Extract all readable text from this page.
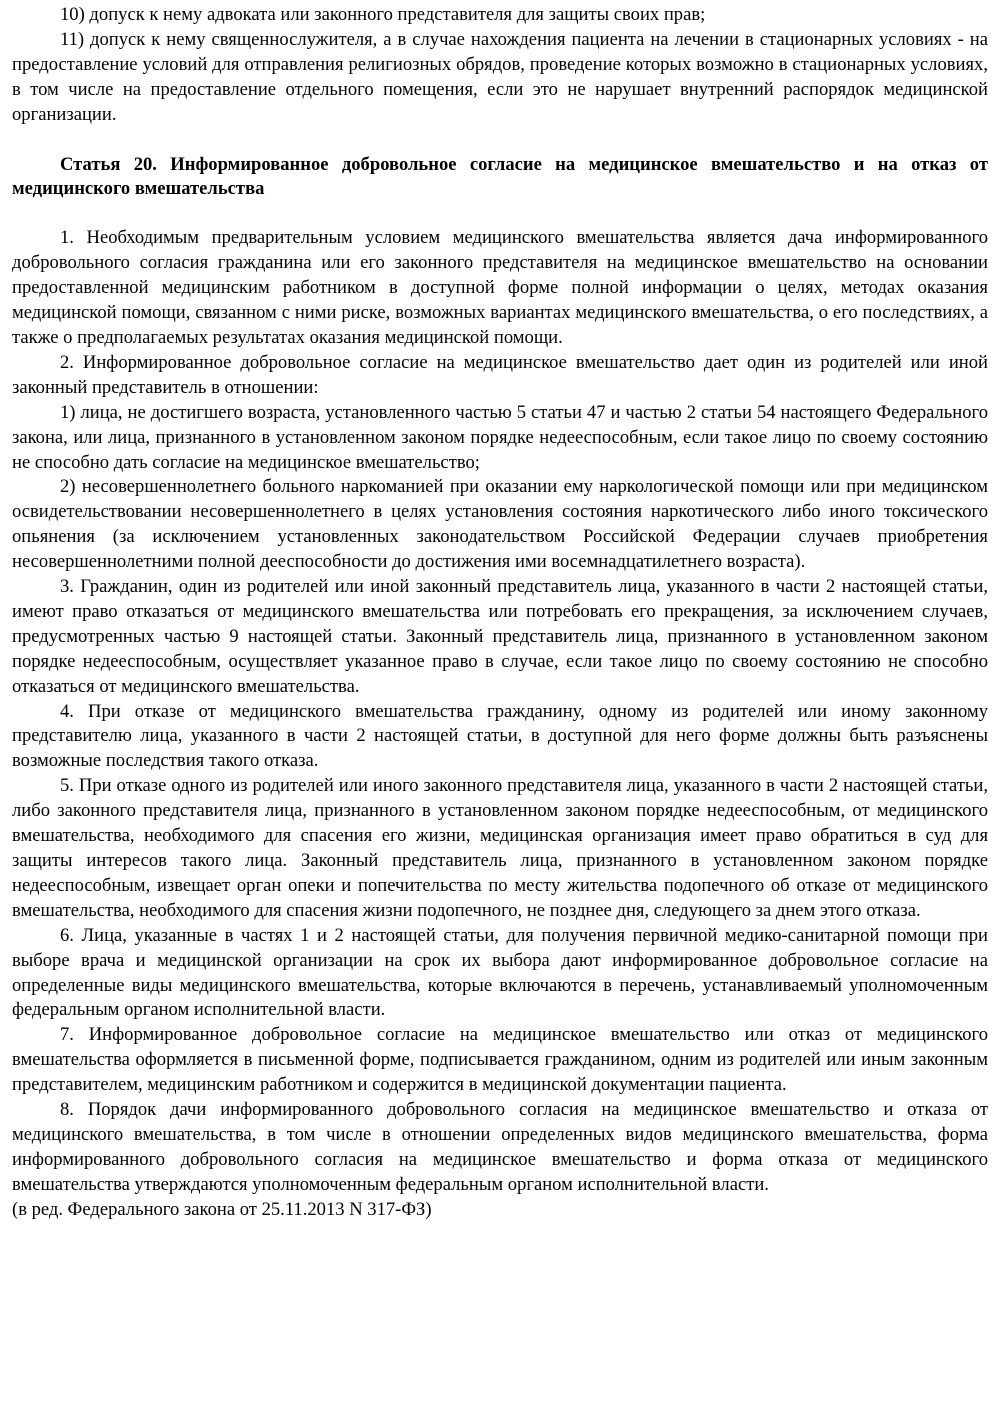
10) допуск к нему адвоката или законного представителя для защиты своих прав;

11) допуск к нему священнослужителя, а в случае нахождения пациента на лечении в стационарных условиях - на предоставление условий для отправления религиозных обрядов, проведение которых возможно в стационарных условиях, в том числе на предоставление отдельного помещения, если это не нарушает внутренний распорядок медицинской организации.

Статья 20. Информированное добровольное согласие на медицинское вмешательство и на отказ от медицинского вмешательства

1. Необходимым предварительным условием медицинского вмешательства является дача информированного добровольного согласия гражданина или его законного представителя на медицинское вмешательство на основании предоставленной медицинским работником в доступной форме полной информации о целях, методах оказания медицинской помощи, связанном с ними риске, возможных вариантах медицинского вмешательства, о его последствиях, а также о предполагаемых результатах оказания медицинской помощи.

2. Информированное добровольное согласие на медицинское вмешательство дает один из родителей или иной законный представитель в отношении:

1) лица, не достигшего возраста, установленного частью 5 статьи 47 и частью 2 статьи 54 настоящего Федерального закона, или лица, признанного в установленном законом порядке недееспособным, если такое лицо по своему состоянию не способно дать согласие на медицинское вмешательство;

2) несовершеннолетнего больного наркоманией при оказании ему наркологической помощи или при медицинском освидетельствовании несовершеннолетнего в целях установления состояния наркотического либо иного токсического опьянения (за исключением установленных законодательством Российской Федерации случаев приобретения несовершеннолетними полной дееспособности до достижения ими восемнадцатилетнего возраста).

3. Гражданин, один из родителей или иной законный представитель лица, указанного в части 2 настоящей статьи, имеют право отказаться от медицинского вмешательства или потребовать его прекращения, за исключением случаев, предусмотренных частью 9 настоящей статьи. Законный представитель лица, признанного в установленном законом порядке недееспособным, осуществляет указанное право в случае, если такое лицо по своему состоянию не способно отказаться от медицинского вмешательства.

4. При отказе от медицинского вмешательства гражданину, одному из родителей или иному законному представителю лица, указанного в части 2 настоящей статьи, в доступной для него форме должны быть разъяснены возможные последствия такого отказа.

5. При отказе одного из родителей или иного законного представителя лица, указанного в части 2 настоящей статьи, либо законного представителя лица, признанного в установленном законом порядке недееспособным, от медицинского вмешательства, необходимого для спасения его жизни, медицинская организация имеет право обратиться в суд для защиты интересов такого лица. Законный представитель лица, признанного в установленном законом порядке недееспособным, извещает орган опеки и попечительства по месту жительства подопечного об отказе от медицинского вмешательства, необходимого для спасения жизни подопечного, не позднее дня, следующего за днем этого отказа.

6. Лица, указанные в частях 1 и 2 настоящей статьи, для получения первичной медико-санитарной помощи при выборе врача и медицинской организации на срок их выбора дают информированное добровольное согласие на определенные виды медицинского вмешательства, которые включаются в перечень, устанавливаемый уполномоченным федеральным органом исполнительной власти.

7. Информированное добровольное согласие на медицинское вмешательство или отказ от медицинского вмешательства оформляется в письменной форме, подписывается гражданином, одним из родителей или иным законным представителем, медицинским работником и содержится в медицинской документации пациента.

8. Порядок дачи информированного добровольного согласия на медицинское вмешательство и отказа от медицинского вмешательства, в том числе в отношении определенных видов медицинского вмешательства, форма информированного добровольного согласия на медицинское вмешательство и форма отказа от медицинского вмешательства утверждаются уполномоченным федеральным органом исполнительной власти.

(в ред. Федерального закона от 25.11.2013 N 317-ФЗ)
